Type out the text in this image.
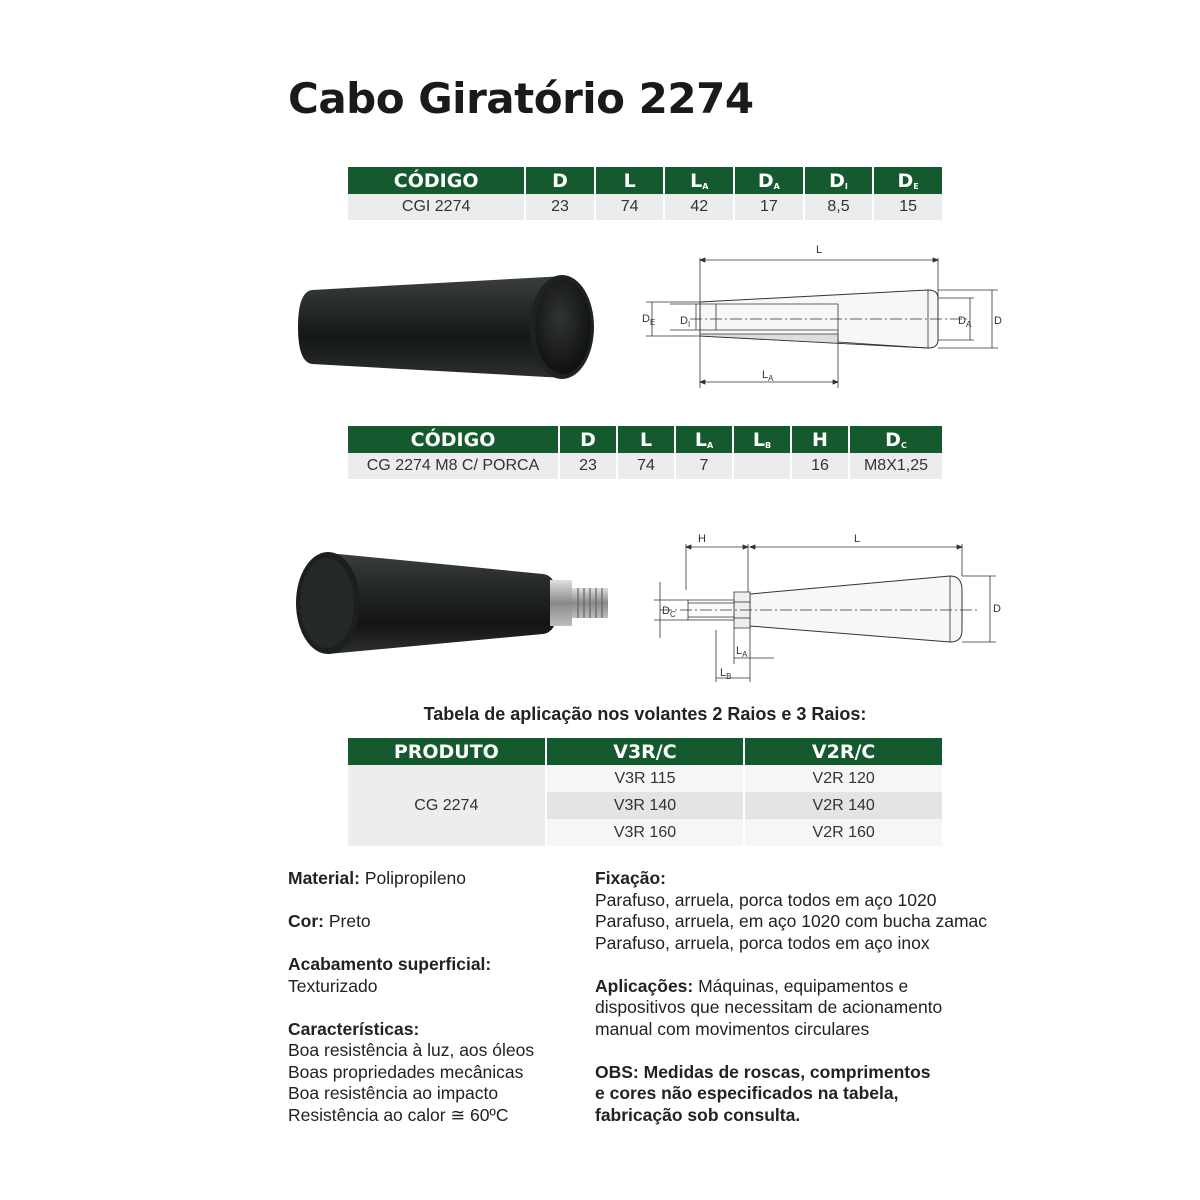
Cabo Giratório 2274
CÓDIGO	D	L	$L_A$	$D_A$	$D_I$	$D_E$
CGI 2274	23	74	42	17	8,5	15
L
$D_E$ $D_I$	$D_A$ D
$L_A$
CÓDIGO	D	L	$L_A$	$L_B$	H	$D_C$
CG 2274 M8 C/ PORCA	23	74	7		16	M8X1,25
H	L
$D_C$	D
$L_A$
$L_B$
Tabela de aplicação nos volantes 2 Raios e 3 Raios:
PRODUTO	V3R/C	V2R/C
CG 2274	V3R 115	V2R 120
	V3R 140	V2R 140
	V3R 160	V2R 160
Material: Polipropileno
Cor: Preto
Acabamento superficial:
Texturizado
Características:
Boa resistência à luz, aos óleos
Boas propriedades mecânicas
Boa resistência ao impacto
Resistência ao calor ≅ 60ºC
Fixação:
Parafuso, arruela, porca todos em aço 1020
Parafuso, arruela, em aço 1020 com bucha zamac
Parafuso, arruela, porca todos em aço inox
Aplicações: Máquinas, equipamentos e
dispositivos que necessitam de acionamento
manual com movimentos circulares
OBS: Medidas de roscas, comprimentos
e cores não especificados na tabela,
fabricação sob consulta.
